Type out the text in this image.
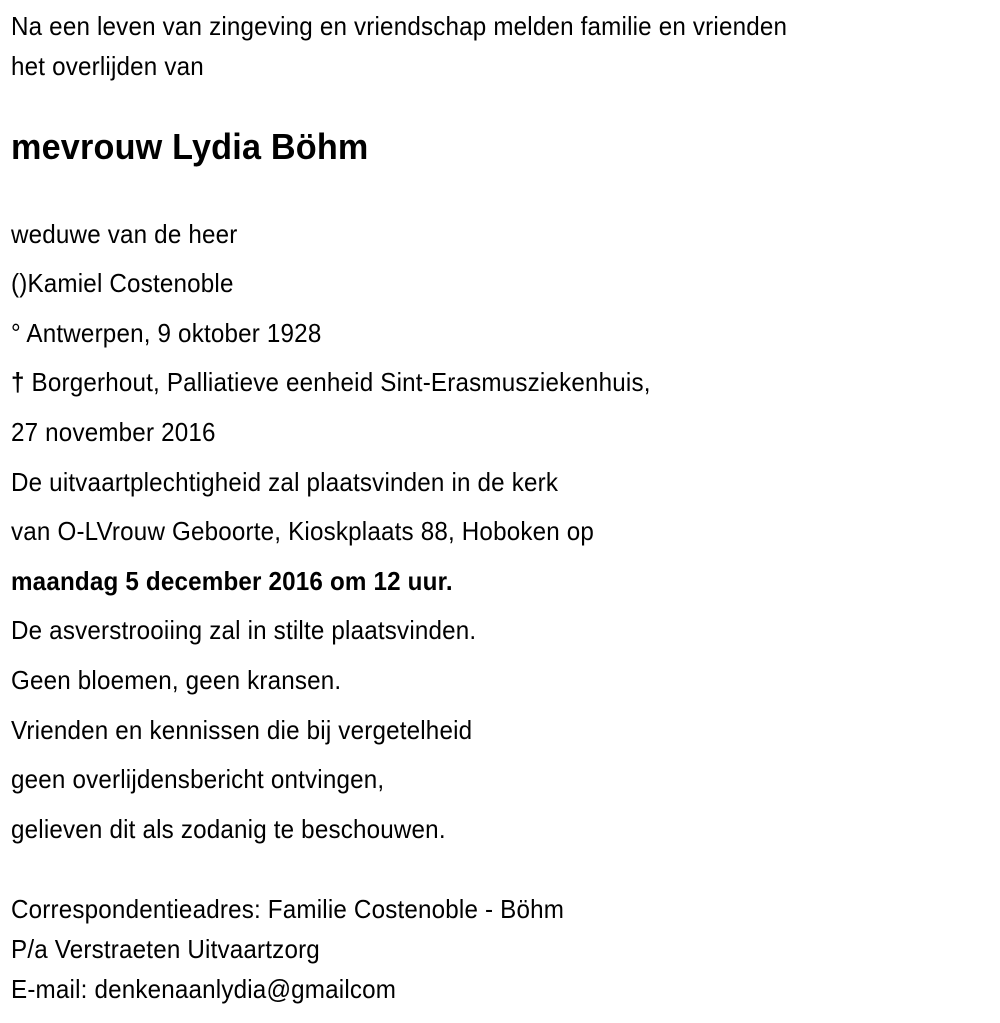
Na een leven van zingeving en vriendschap melden familie en vrienden
het overlijden van
mevrouw Lydia Böhm
weduwe van de heer
()Kamiel Costenoble
° Antwerpen, 9 oktober 1928
† Borgerhout, Palliatieve eenheid Sint-Erasmusziekenhuis,
27 november 2016
De uitvaartplechtigheid zal plaatsvinden in de kerk
van O-LVrouw Geboorte, Kioskplaats 88, Hoboken op
maandag 5 december 2016 om 12 uur.
De asverstrooiing zal in stilte plaatsvinden.
Geen bloemen, geen kransen.
Vrienden en kennissen die bij vergetelheid
geen overlijdensbericht ontvingen,
gelieven dit als zodanig te beschouwen.
Correspondentieadres: Familie Costenoble - Böhm
P/a Verstraeten Uitvaartzorg
E-mail: denkenaanlydia@gmailcom
